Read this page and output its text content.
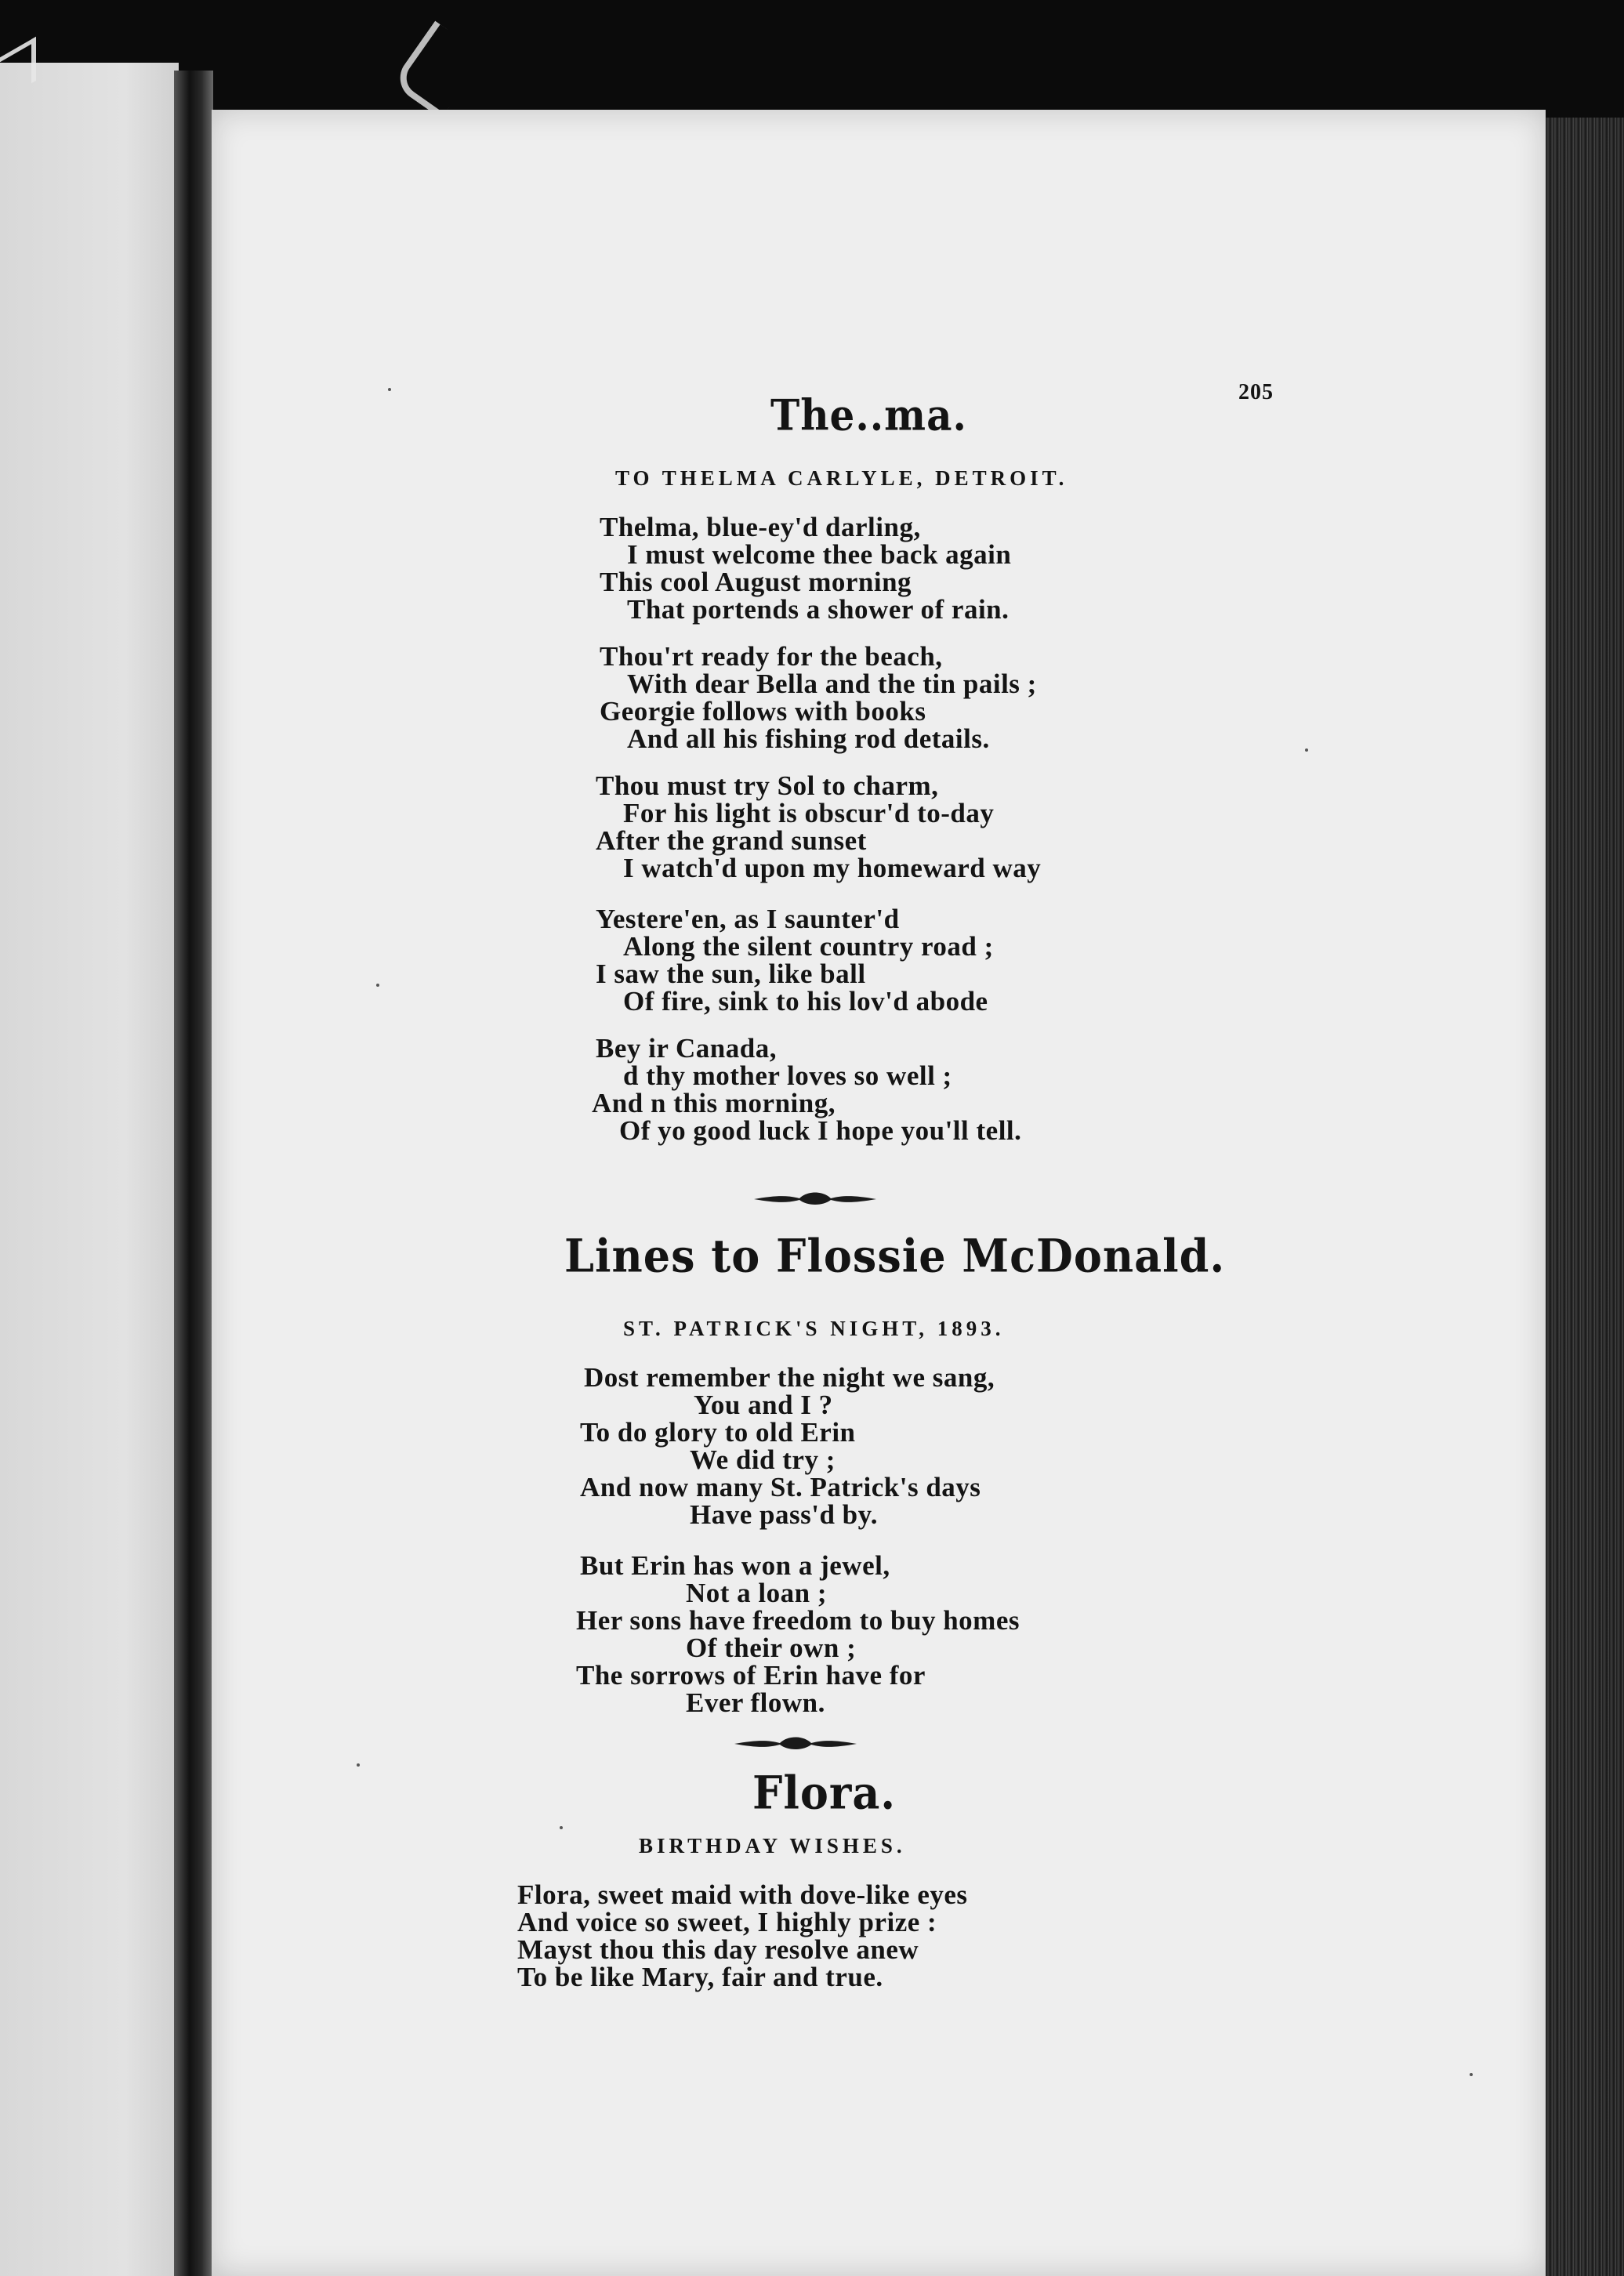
205
The..ma.
TO THELMA CARLYLE, DETROIT.
Thelma, blue-ey'd darling,
I must welcome thee back again
This cool August morning
That portends a shower of rain.
Thou'rt ready for the beach,
With dear Bella and the tin pails ;
Georgie follows with books
And all his fishing rod details.
Thou must try Sol to charm,
For his light is obscur'd to-day
After the grand sunset
I watch'd upon my homeward way
Yestere'en, as I saunter'd
Along the silent country road ;
I saw the sun, like ball
Of fire, sink to his lov'd abode
Bey ir Canada,
d thy mother loves so well ;
And n this morning,
Of yo good luck I hope you'll tell.
Lines to Flossie McDonald.
ST. PATRICK'S NIGHT, 1893.
Dost remember the night we sang,
You and I ?
To do glory to old Erin
We did try ;
And now many St. Patrick's days
Have pass'd by.
But Erin has won a jewel,
Not a loan ;
Her sons have freedom to buy homes
Of their own ;
The sorrows of Erin have for
Ever flown.
Flora.
BIRTHDAY WISHES.
Flora, sweet maid with dove-like eyes
And voice so sweet, I highly prize :
Mayst thou this day resolve anew
To be like Mary, fair and true.
